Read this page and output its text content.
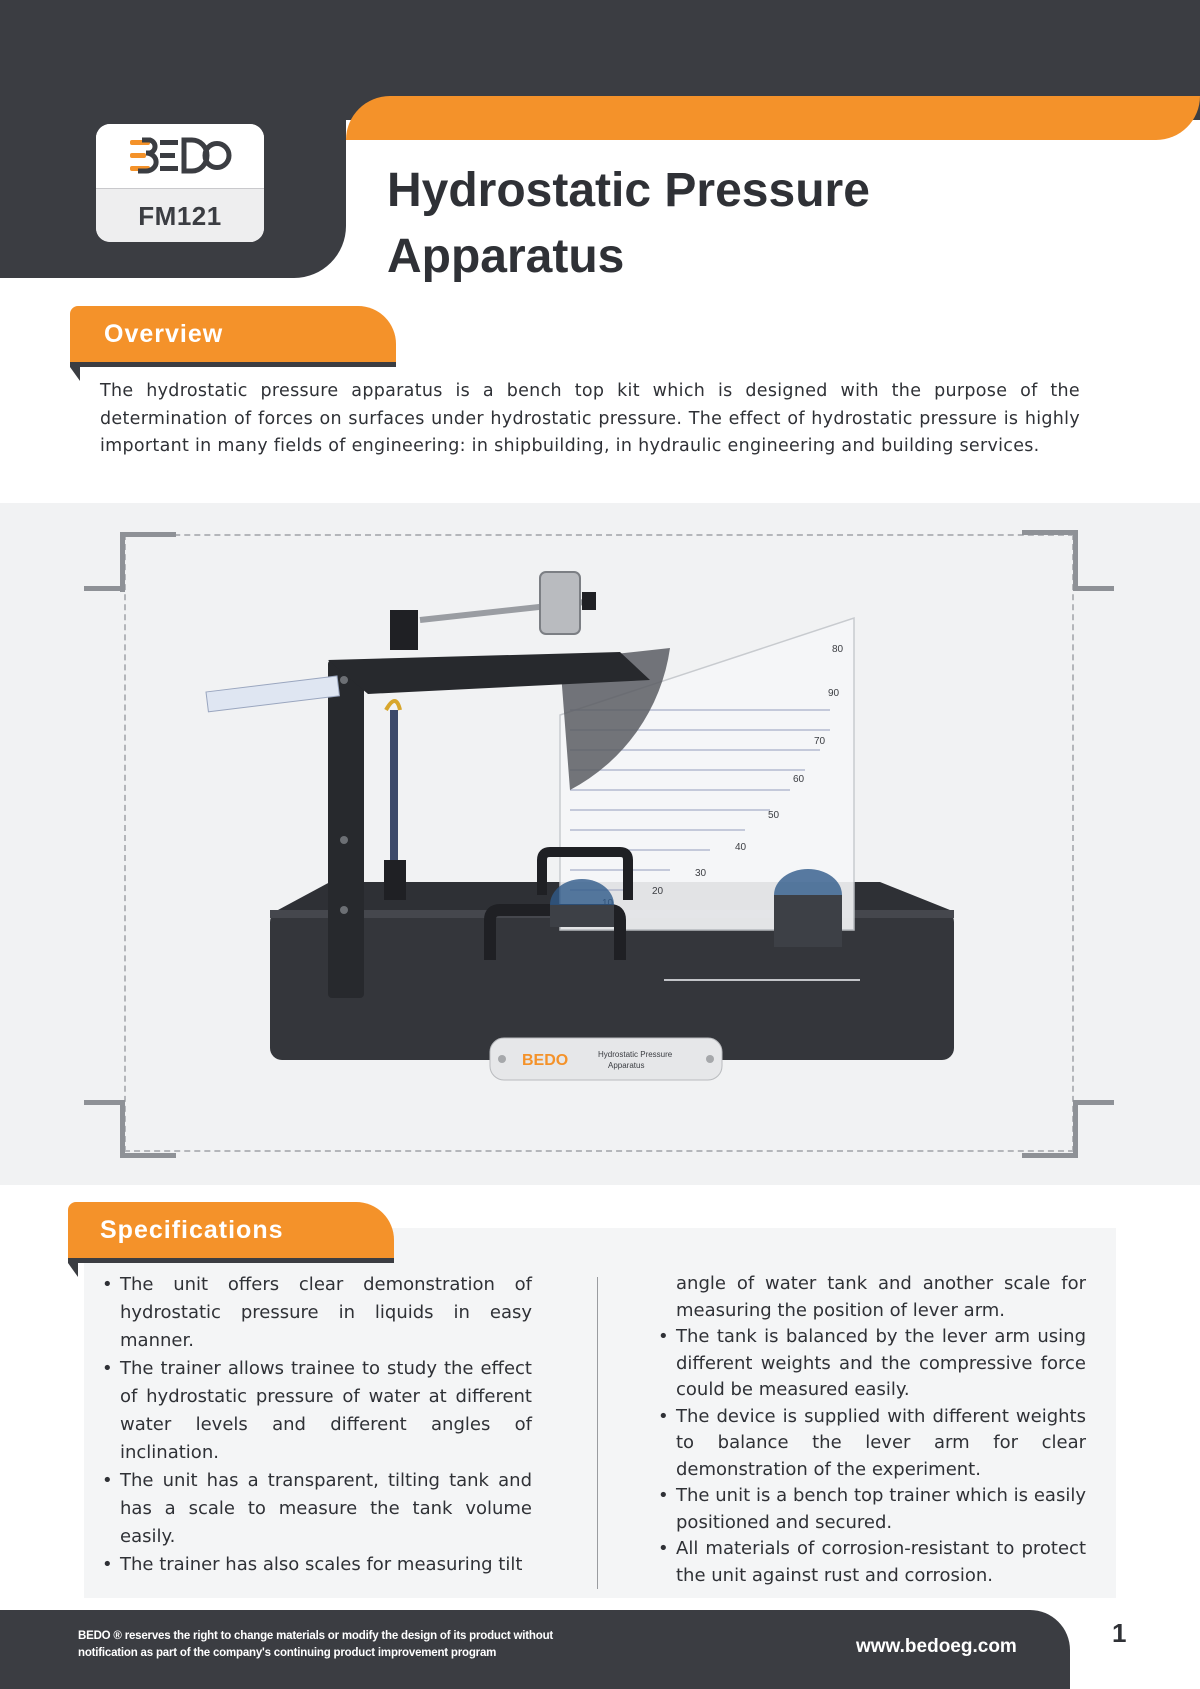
FM121	Hydrostatic Pressure
Apparatus
Overview
The hydrostatic pressure apparatus is a bench top kit which is designed with the purpose of the determination of forces on surfaces under hydrostatic pressure. The effect of hydrostatic pressure is highly important in many fields of engineering: in shipbuilding, in hydraulic engineering and building services.
BEDO	Hydrostatic Pressure
Apparatus
80
90
70
60
50
40
30
20
Specifications
• The unit offers clear demonstration of hydrostatic pressure in liquids in easy manner.
• The trainer allows trainee to study the effect of hydrostatic pressure of water at different water levels and different angles of inclination.
• The unit has a transparent, tilting tank and has a scale to measure the tank volume easily.
• The trainer has also scales for measuring tilt
angle of water tank and another scale for measuring the position of lever arm.
• The tank is balanced by the lever arm using different weights and the compressive force could be measured easily.
• The device is supplied with different weights to balance the lever arm for clear demonstration of the experiment.
• The unit is a bench top trainer which is easily positioned and secured.
• All materials of corrosion-resistant to protect the unit against rust and corrosion.
BEDO ® reserves the right to change materials or modify the design of its product without
notification as part of the company's continuing product improvement program	www.bedoeg.com	1
